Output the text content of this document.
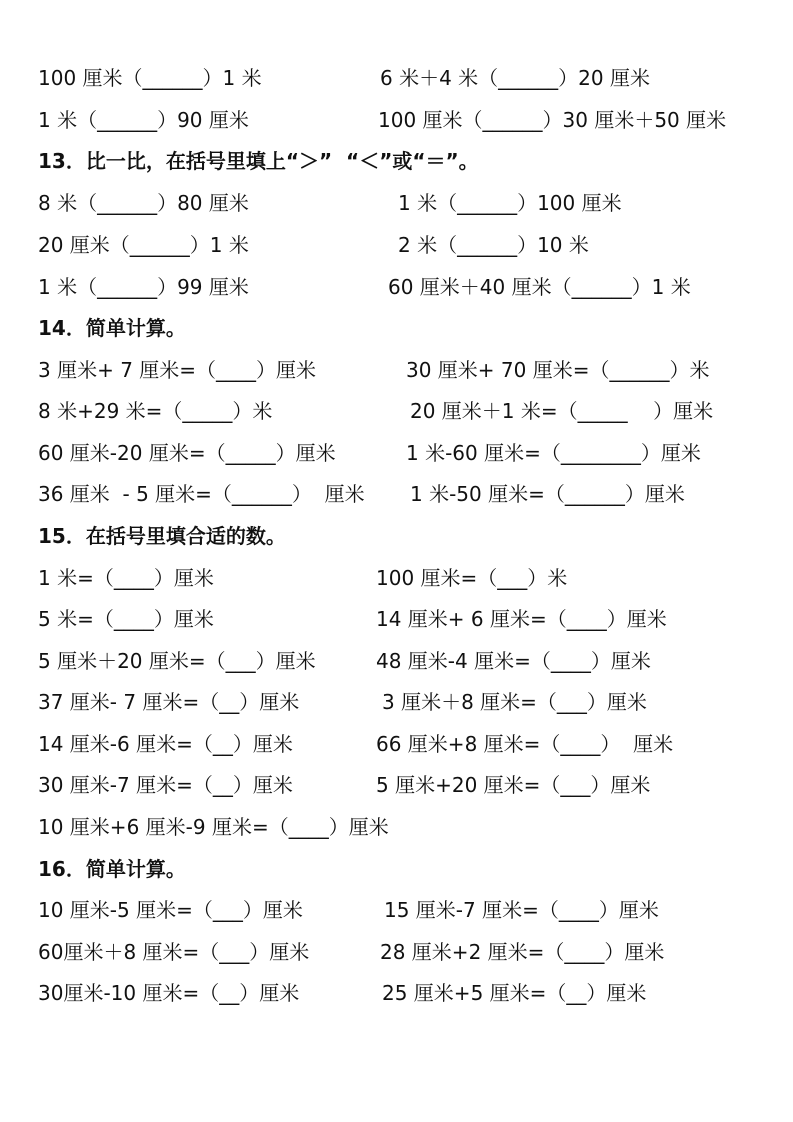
100 厘米（______）1 米	6 米＋4 米（______）20 厘米
1 米（______）90 厘米	100 厘米（______）30 厘米＋50 厘米
13．比一比，在括号里填上“＞”  “＜”或“＝”。
8 米（______）80 厘米	1 米（______）100 厘米
20 厘米（______）1 米	2 米（______）10 米
1 米（______）99 厘米	60 厘米＋40 厘米（______）1 米
14．简单计算。
3 厘米+ 7 厘米=（____）厘米	30 厘米+ 70 厘米=（______）米
8 米+29 米=（_____）米	20 厘米＋1 米=（_____    ）厘米
60 厘米-20 厘米=（_____）厘米	1 米-60 厘米=（________）厘米
36 厘米  - 5 厘米=（______）  厘米 1 米-50 厘米=（______）厘米
15．在括号里填合适的数。
1 米=（____）厘米	100 厘米=（___）米
5 米=（____）厘米	14 厘米+ 6 厘米=（____）厘米
5 厘米＋20 厘米=（___）厘米	48 厘米-4 厘米=（____）厘米
37 厘米- 7 厘米=（__）厘米	3 厘米＋8 厘米=（___）厘米
14 厘米-6 厘米=（__）厘米	66 厘米+8 厘米=（____）  厘米
30 厘米-7 厘米=（__）厘米	5 厘米+20 厘米=（___）厘米
10 厘米+6 厘米-9 厘米=（____）厘米
16．简单计算。
10 厘米-5 厘米=（___）厘米	15 厘米-7 厘米=（____）厘米
60厘米＋8 厘米=（___）厘米	28 厘米+2 厘米=（____）厘米
30厘米-10 厘米=（__）厘米	25 厘米+5 厘米=（__）厘米
